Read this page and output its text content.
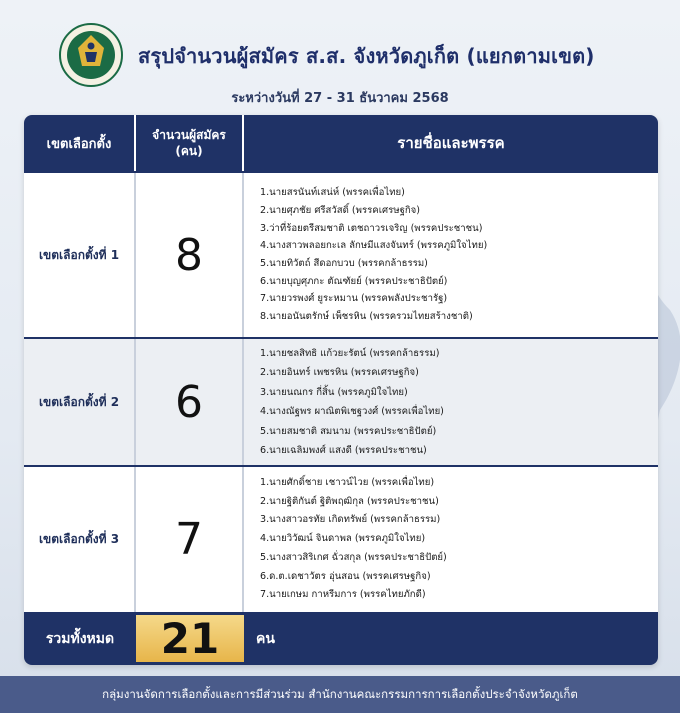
สรุปจำนวนผู้สมัคร ส.ส. จังหวัดภูเก็ต (แยกตามเขต)
ระหว่างวันที่ 27 - 31 ธันวาคม 2568
เขตเลือกตั้ง
จำนวนผู้สมัคร
(คน)	รายชื่อและพรรค
เขตเลือกตั้งที่ 1	8
1.นายสรนันท์เสน่ห์ (พรรคเพื่อไทย)
2.นายศุภชัย ศรีสวัสดิ์ (พรรคเศรษฐกิจ)
3.ว่าที่ร้อยตรีสมชาติ เตชถาวรเจริญ (พรรคประชาชน)
4.นางสาวพลอยกะเล ลักษมีแสงจันทร์ (พรรคภูมิใจไทย)
5.นายทิวัตถ์ สีดอกบวบ (พรรคกล้าธรรม)
6.นายบุญศุภกะ ตัณฑัยย์ (พรรคประชาธิปัตย์)
7.นายวรพงศ์ ยูระหมาน (พรรคพลังประชารัฐ)
8.นายอนันตรักษ์ เพ็ชรหิน (พรรครวมไทยสร้างชาติ)
เขตเลือกตั้งที่ 2	6
1.นายชลสิทธิ แก้วยะรัตน์ (พรรคกล้าธรรม)
2.นายอินทร์ เพชรหิน (พรรคเศรษฐกิจ)
3.นายนณกร กี่สิ้น (พรรคภูมิใจไทย)
4.นางณัฐพร ผาณิตพิเชฐวงศ์ (พรรคเพื่อไทย)
5.นายสมชาติ สมนาม (พรรคประชาธิปัตย์)
6.นายเฉลิมพงศ์ แสงดี (พรรคประชาชน)
เขตเลือกตั้งที่ 3	7
1.นายศักดิ์ชาย เชาวน์ไวย (พรรคเพื่อไทย)
2.นายฐิติกันต์ ฐิติพฤฒิกุล (พรรคประชาชน)
3.นางสาวอรทัย เกิดทรัพย์ (พรรคกล้าธรรม)
4.นายวิวัฒน์ จินดาพล (พรรคภูมิใจไทย)
5.นางสาวสิริเกศ ฉั่วสกุล (พรรคประชาธิปัตย์)
6.ด.ต.เดชาวัตร อุ่นสอน (พรรคเศรษฐกิจ)
7.นายเกษม กาหรีมการ (พรรคไทยภักดี)
รวมทั้งหมด	21	คน
กลุ่มงานจัดการเลือกตั้งและการมีส่วนร่วม สำนักงานคณะกรรมการการเลือกตั้งประจำจังหวัดภูเก็ต
